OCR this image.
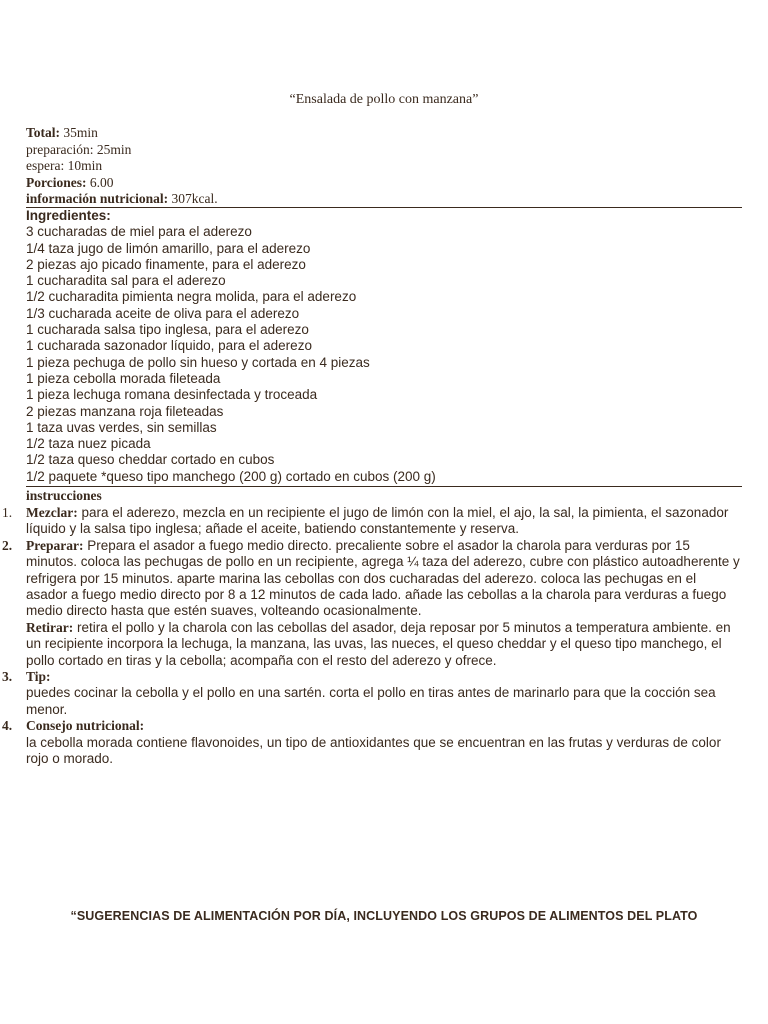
“Ensalada de pollo con manzana”
Total: 35min
preparación: 25min
espera: 10min
Porciones: 6.00
información nutricional: 307kcal.
Ingredientes:
3 cucharadas de miel para el aderezo
1/4 taza jugo de limón amarillo, para el aderezo
2 piezas ajo picado finamente, para el aderezo
1 cucharadita sal para el aderezo
1/2 cucharadita pimienta negra molida, para el aderezo
1/3 cucharada aceite de oliva para el aderezo
1 cucharada salsa tipo inglesa, para el aderezo
1 cucharada sazonador líquido, para el aderezo
1 pieza pechuga de pollo sin hueso y cortada en 4 piezas
1 pieza cebolla morada fileteada
1 pieza lechuga romana desinfectada y troceada
2 piezas manzana roja fileteadas
1 taza uvas verdes, sin semillas
1/2 taza nuez picada
1/2 taza queso cheddar cortado en cubos
1/2 paquete *queso tipo manchego (200 g) cortado en cubos (200 g)
instrucciones
1. Mezclar: para el aderezo, mezcla en un recipiente el jugo de limón con la miel, el ajo, la sal, la pimienta, el sazonador líquido y la salsa tipo inglesa; añade el aceite, batiendo constantemente y reserva.
2. Preparar: Prepara el asador a fuego medio directo. precaliente sobre el asador la charola para verduras por 15 minutos. coloca las pechugas de pollo en un recipiente, agrega ¼ taza del aderezo, cubre con plástico autoadherente y refrigera por 15 minutos. aparte marina las cebollas con dos cucharadas del aderezo. coloca las pechugas en el asador a fuego medio directo por 8 a 12 minutos de cada lado. añade las cebollas a la charola para verduras a fuego medio directo hasta que estén suaves, volteando ocasionalmente.
Retirar: retira el pollo y la charola con las cebollas del asador, deja reposar por 5 minutos a temperatura ambiente. en un recipiente incorpora la lechuga, la manzana, las uvas, las nueces, el queso cheddar y el queso tipo manchego, el pollo cortado en tiras y la cebolla; acompaña con el resto del aderezo y ofrece.
3. Tip:
puedes cocinar la cebolla y el pollo en una sartén. corta el pollo en tiras antes de marinarlo para que la cocción sea menor.
4. Consejo nutricional:
la cebolla morada contiene flavonoides, un tipo de antioxidantes que se encuentran en las frutas y verduras de color rojo o morado.
“SUGERENCIAS DE ALIMENTACIÓN POR DÍA, INCLUYENDO LOS GRUPOS DE ALIMENTOS DEL PLATO
